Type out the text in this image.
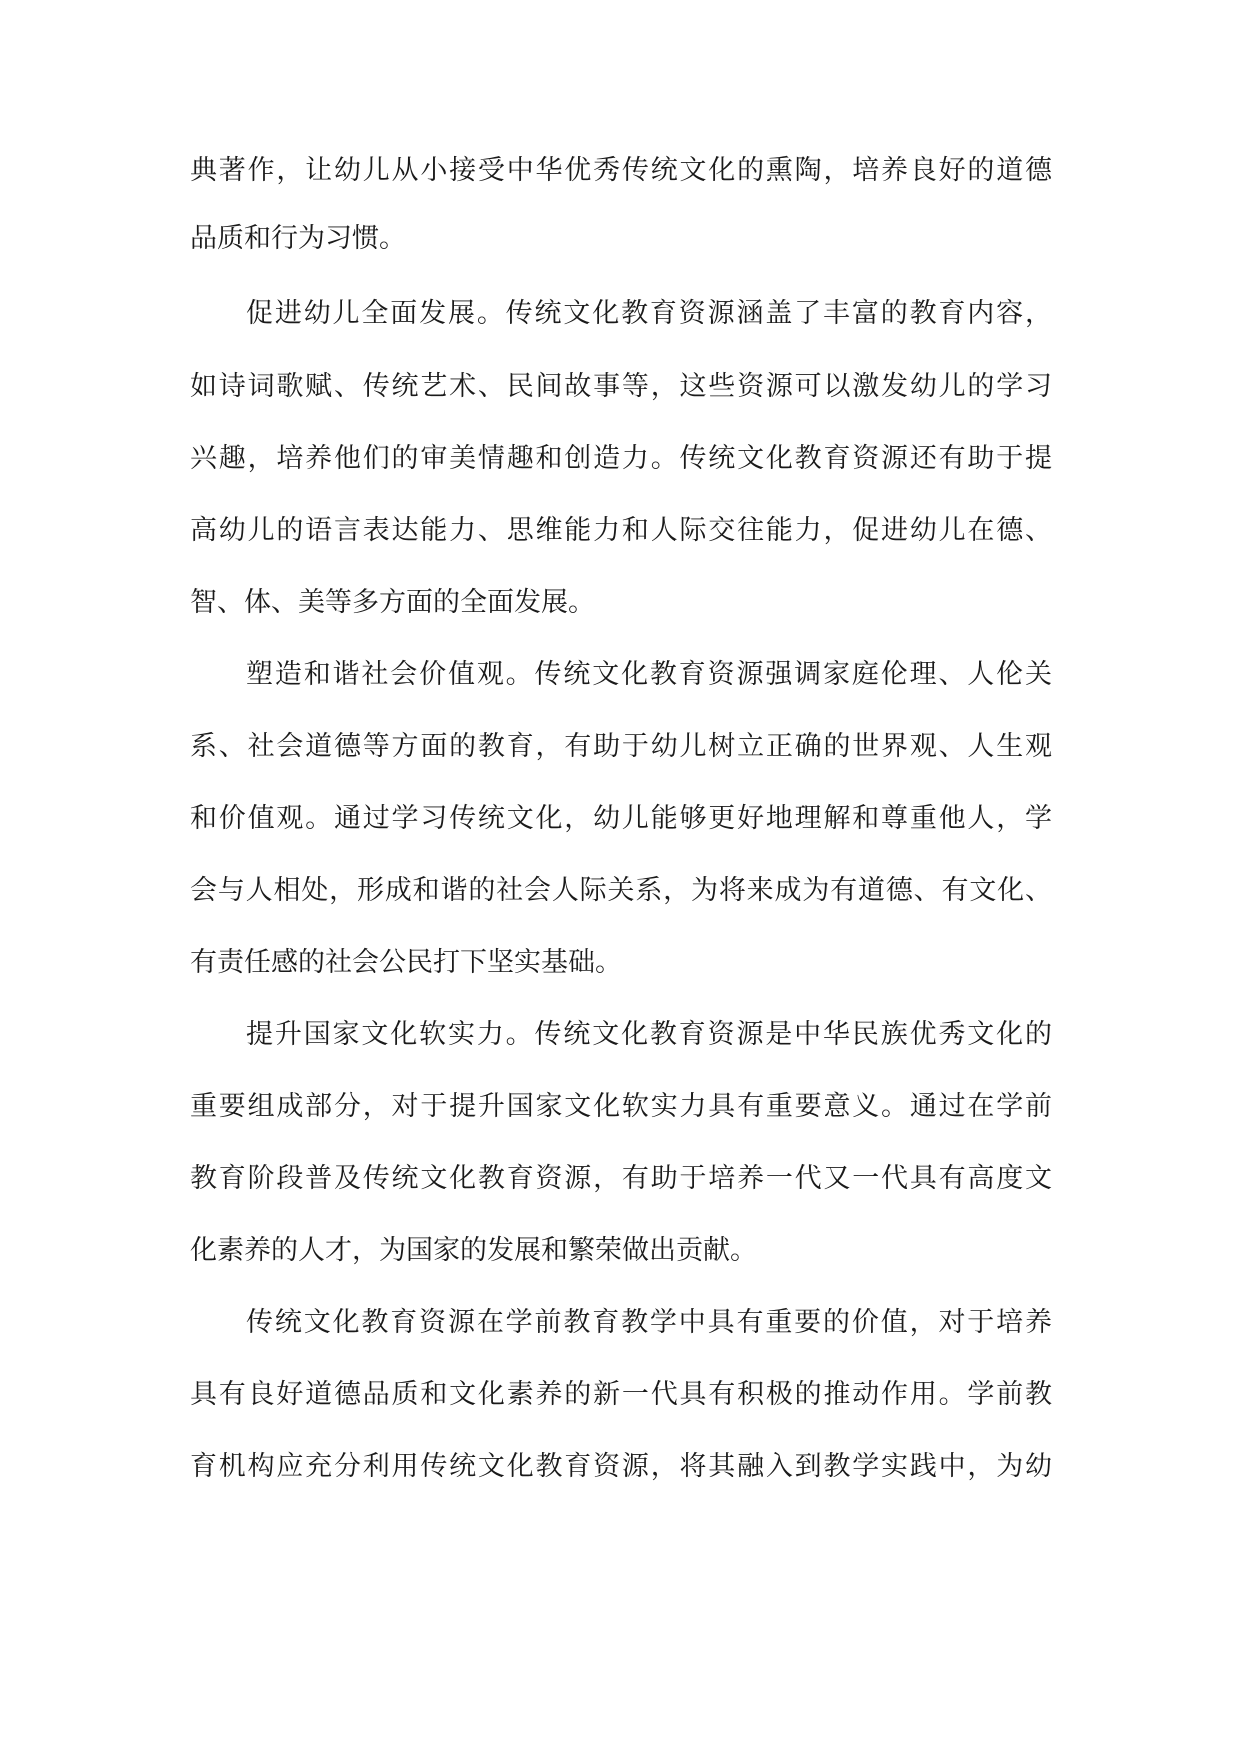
典著作，让幼儿从小接受中华优秀传统文化的熏陶，培养良好的道德
品质和行为习惯。
促进幼儿全面发展。传统文化教育资源涵盖了丰富的教育内容，
如诗词歌赋、传统艺术、民间故事等，这些资源可以激发幼儿的学习
兴趣，培养他们的审美情趣和创造力。传统文化教育资源还有助于提
高幼儿的语言表达能力、思维能力和人际交往能力，促进幼儿在德、
智、体、美等多方面的全面发展。
塑造和谐社会价值观。传统文化教育资源强调家庭伦理、人伦关
系、社会道德等方面的教育，有助于幼儿树立正确的世界观、人生观
和价值观。通过学习传统文化，幼儿能够更好地理解和尊重他人，学
会与人相处，形成和谐的社会人际关系，为将来成为有道德、有文化、
有责任感的社会公民打下坚实基础。
提升国家文化软实力。传统文化教育资源是中华民族优秀文化的
重要组成部分，对于提升国家文化软实力具有重要意义。通过在学前
教育阶段普及传统文化教育资源，有助于培养一代又一代具有高度文
化素养的人才，为国家的发展和繁荣做出贡献。
传统文化教育资源在学前教育教学中具有重要的价值，对于培养
具有良好道德品质和文化素养的新一代具有积极的推动作用。学前教
育机构应充分利用传统文化教育资源，将其融入到教学实践中，为幼
